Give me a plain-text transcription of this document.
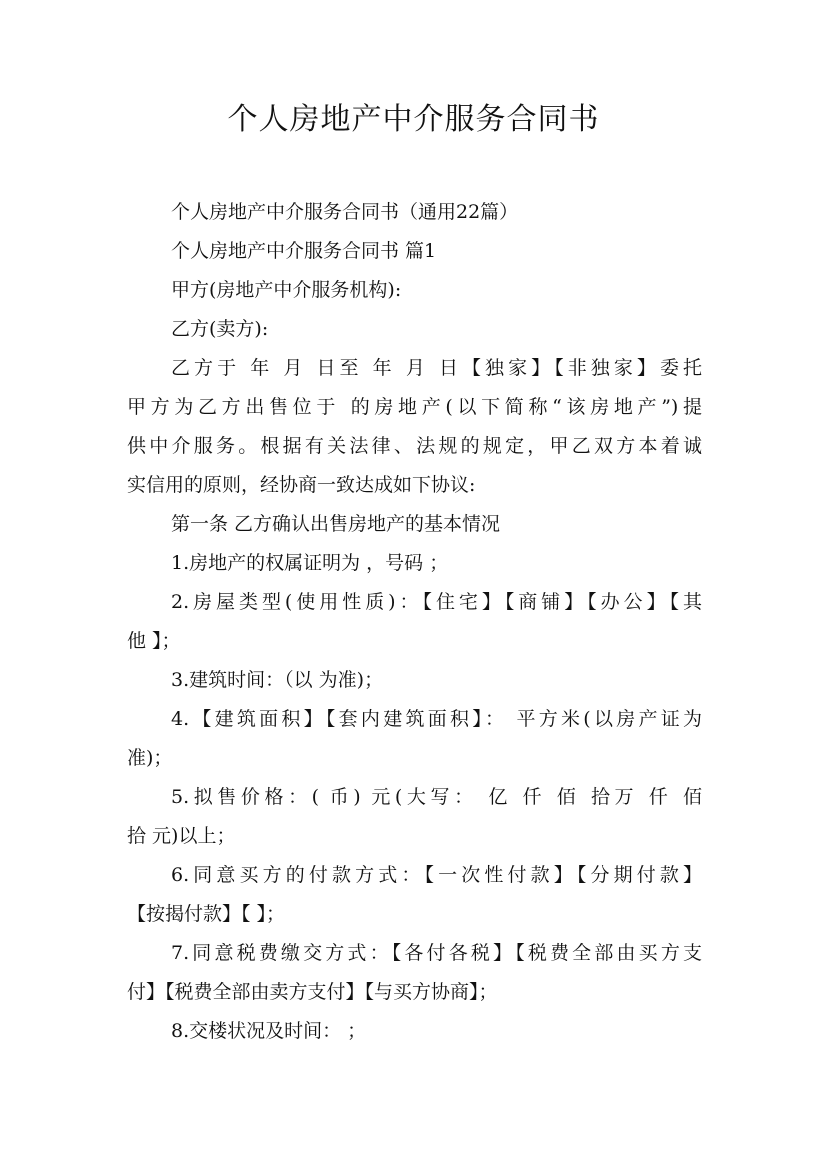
个人房地产中介服务合同书
个人房地产中介服务合同书（通用22篇）
个人房地产中介服务合同书 篇1
甲方(房地产中介服务机构):
乙方(卖方):
乙方于 年 月 日至 年 月 日【独家】【非独家】委托
甲方为乙方出售位于 的房地产(以下简称“该房地产”)提
供中介服务。根据有关法律、法规的规定，甲乙双方本着诚
实信用的原则，经协商一致达成如下协议:
第一条 乙方确认出售房地产的基本情况
1.房地产的权属证明为 ，号码 ；
2.房屋类型(使用性质)：【住宅】【商铺】【办公】【其
他 】；
3.建筑时间：（以 为准)；
4.【建筑面积】【套内建筑面积】： 平方米(以房产证为
准)；
5.拟售价格：( 币) 元(大写： 亿 仟 佰 拾万 仟 佰
拾 元)以上；
6.同意买方的付款方式：【一次性付款】【分期付款】
【按揭付款】【 】；
7.同意税费缴交方式：【各付各税】【税费全部由买方支
付】【税费全部由卖方支付】【与买方协商】；
8.交楼状况及时间： ；
